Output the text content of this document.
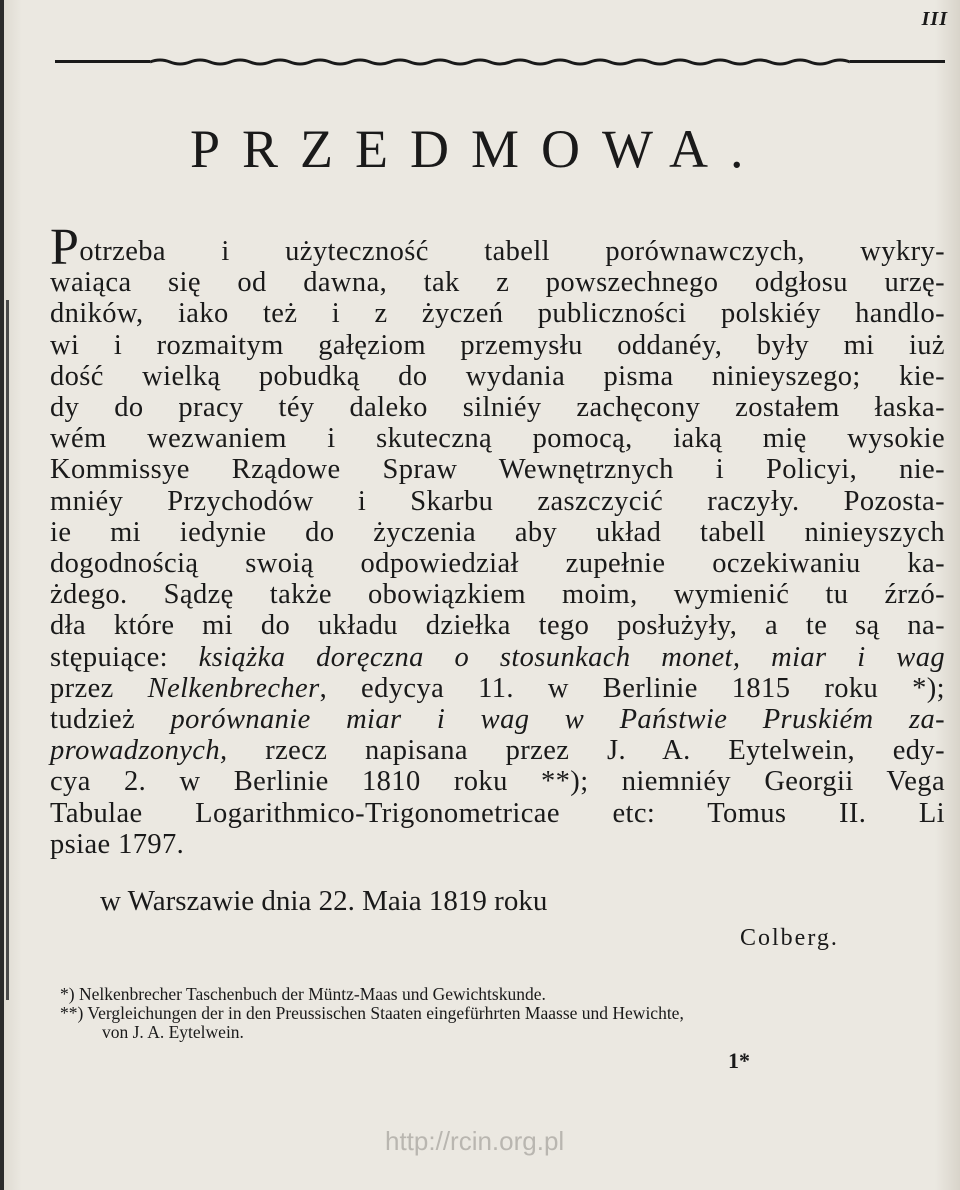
III
PRZEDMOWA.
Potrzeba i użyteczność tabell porównawczych, wykry-
waiąca się od dawna, tak z powszechnego odgłosu urzę-
dników, iako też i z życzeń publiczności polskiéy handlo-
wi i rozmaitym gałęziom przemysłu oddanéy, były mi iuż
dość wielką pobudką do wydania pisma ninieyszego; kie-
dy do pracy téy daleko silniéy zachęcony zostałem łaska-
wém wezwaniem i skuteczną pomocą, iaką mię wysokie
Kommissye Rządowe Spraw Wewnętrznych i Policyi, nie-
mniéy Przychodów i Skarbu zaszczycić raczyły. Pozosta-
ie mi iedynie do życzenia aby układ tabell ninieyszych
dogodnością swoią odpowiedział zupełnie oczekiwaniu ka-
żdego. Sądzę także obowiązkiem moim, wymienić tu źrzó-
dła które mi do układu dziełka tego posłużyły, a te są na-
stępuiące: książka doręczna o stosunkach monet, miar i wag
przez Nelkenbrecher, edycya 11. w Berlinie 1815 roku *);
tudzież porównanie miar i wag w Państwie Pruskiém za-
prowadzonych, rzecz napisana przez J. A. Eytelwein, edy-
cya 2. w Berlinie 1810 roku **); niemniéy Georgii Vega
Tabulae Logarithmico-Trigonometricae etc: Tomus II. Li
psiae 1797.
w Warszawie dnia 22. Maia 1819 roku
Colberg.
*) Nelkenbrecher Taschenbuch der Müntz-Maas und Gewichtskunde.
**) Vergleichungen der in den Preussischen Staaten eingefürhrten Maasse und Hewichte,
von J. A. Eytelwein.
1*
http://rcin.org.pl
